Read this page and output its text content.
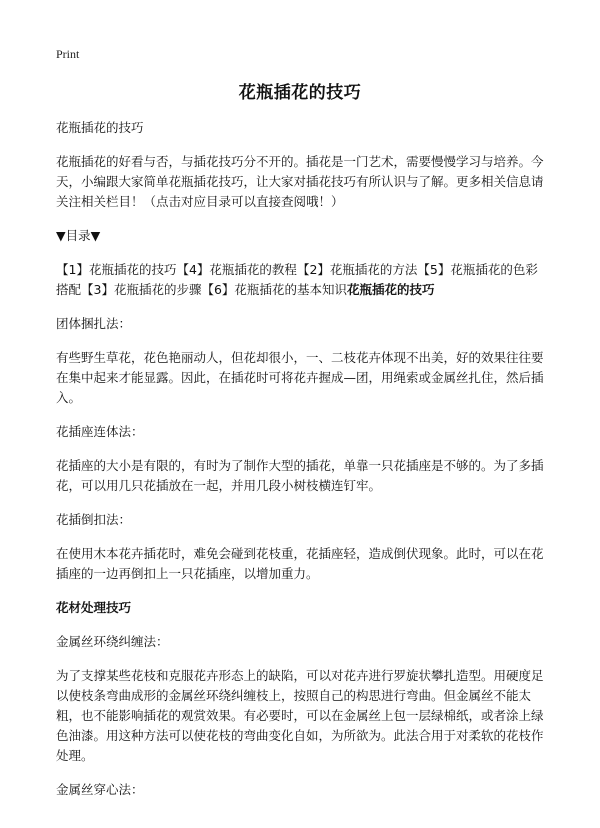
Print
花瓶插花的技巧

花瓶插花的技巧

花瓶插花的好看与否，与插花技巧分不开的。插花是一门艺术，需要慢慢学习与培养。今天，小编跟大家简单花瓶插花技巧，让大家对插花技巧有所认识与了解。更多相关信息请关注相关栏目！（点击对应目录可以直接查阅哦！）

▼目录▼

【1】花瓶插花的技巧【4】花瓶插花的教程【2】花瓶插花的方法【5】花瓶插花的色彩搭配【3】花瓶插花的步骤【6】花瓶插花的基本知识花瓶插花的技巧

团体捆扎法：

有些野生草花，花色艳丽动人，但花却很小，一、二枝花卉体现不出美，好的效果往往要在集中起来才能显露。因此，在插花时可将花卉握成—团，用绳索或金属丝扎住，然后插入。

花插座连体法：

花插座的大小是有限的，有时为了制作大型的插花，单靠一只花插座是不够的。为了多插花，可以用几只花插放在一起，并用几段小树枝横连钉牢。

花插倒扣法：

在使用木本花卉插花时，难免会碰到花枝重，花插座轻，造成倒伏现象。此时，可以在花插座的一边再倒扣上一只花插座，以增加重力。

花材处理技巧

金属丝环绕纠缠法：

为了支撑某些花枝和克服花卉形态上的缺陷，可以对花卉进行罗旋状攀扎造型。用硬度足以使枝条弯曲成形的金属丝环绕纠缠枝上，按照自己的构思进行弯曲。但金属丝不能太粗，也不能影响插花的观赏效果。有必要时，可以在金属丝上包一层绿棉纸，或者涂上绿色油漆。用这种方法可以使花枝的弯曲变化自如，为所欲为。此法合用于对柔软的花枝作处理。

金属丝穿心法：
